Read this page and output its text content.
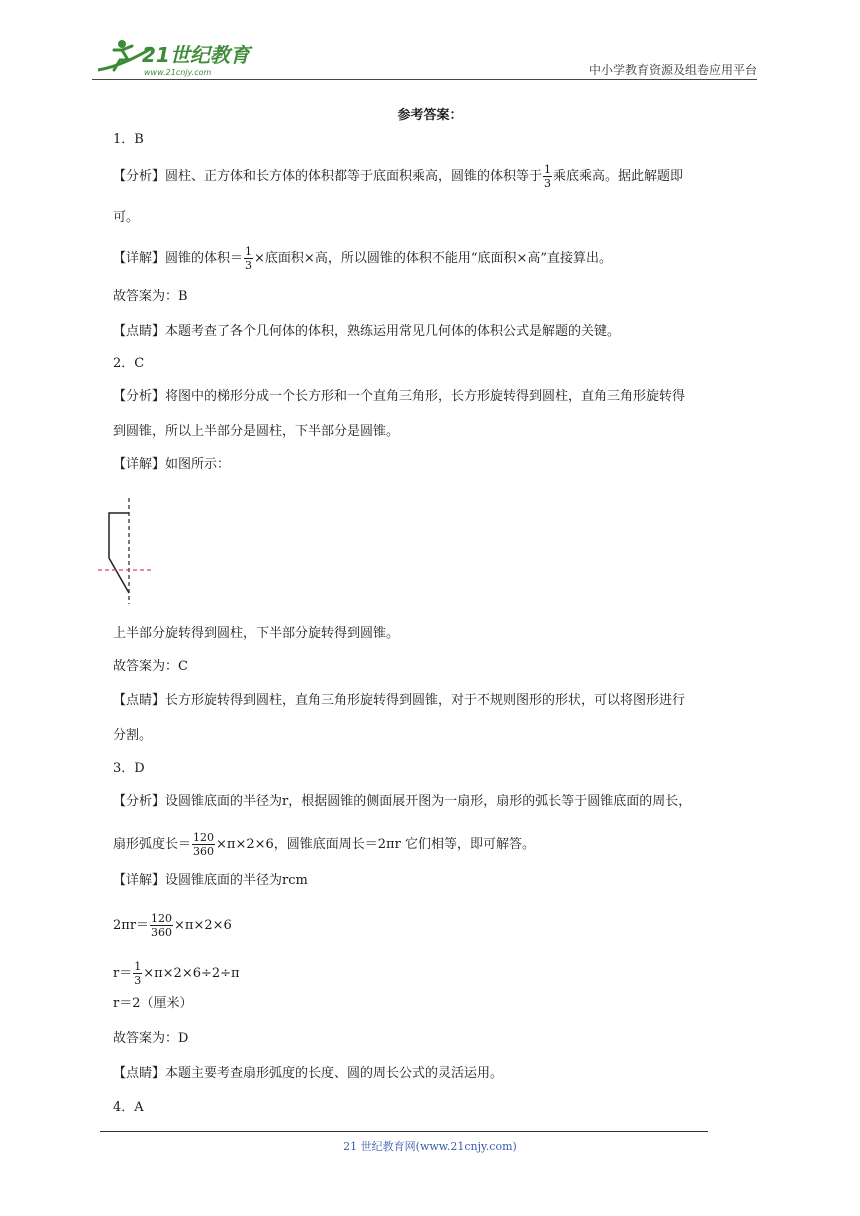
21世纪教育
www.21cnjy.com	中小学教育资源及组卷应用平台
参考答案：
1．B
【分析】圆柱、正方体和长方体的体积都等于底面积乘高，圆锥的体积等于 $\frac{1}{3}$ 乘底乘高。据此解题即
可。
【详解】圆锥的体积＝ $\frac{1}{3}$ ×底面积×高，所以圆锥的体积不能用“底面积×高”直接算出。
故答案为：B
【点睛】本题考查了各个几何体的体积，熟练运用常见几何体的体积公式是解题的关键。
2．C
【分析】将图中的梯形分成一个长方形和一个直角三角形，长方形旋转得到圆柱，直角三角形旋转得
到圆锥，所以上半部分是圆柱，下半部分是圆锥。
【详解】如图所示：
上半部分旋转得到圆柱，下半部分旋转得到圆锥。
故答案为：C
【点睛】长方形旋转得到圆柱，直角三角形旋转得到圆锥，对于不规则图形的形状，可以将图形进行
分割。
3．D
【分析】设圆锥底面的半径为r，根据圆锥的侧面展开图为一扇形，扇形的弧长等于圆锥底面的周长，
扇形弧度长＝ $\frac{120}{360} \times\pi\times 2\times 6$，圆锥底面周长＝2πr 它们相等，即可解答。
【详解】设圆锥底面的半径为rcm
$2\pi r= \frac{120}{360} \times\pi\times 2\times 6$
$r= \frac{1}{3} \times\pi\times 2\times 6\div 2\div\pi$
r＝2（厘米）
故答案为：D
【点睛】本题主要考查扇形弧度的长度、圆的周长公式的灵活运用。
4．A
21 世纪教育网(www.21cnjy.com)
